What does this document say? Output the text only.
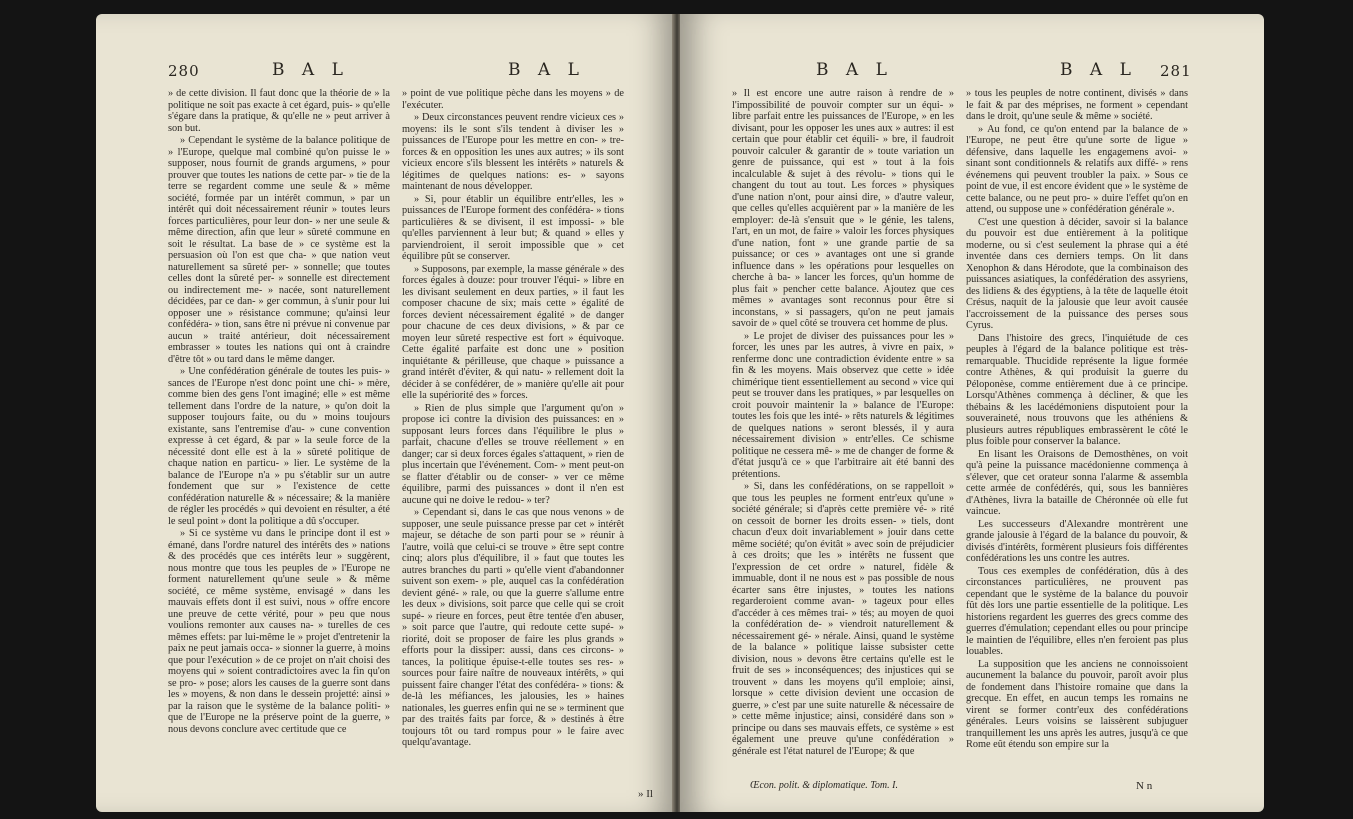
280	B A L	B A L

» de cette division. Il faut donc que la théorie de » la politique ne soit pas exacte à cet égard, puis- » qu'elle s'égare dans la pratique, & qu'elle ne » peut arriver à son but.

» Cependant le système de la balance politique de » l'Europe, quelque mal combiné qu'on puisse le » supposer, nous fournit de grands argumens, » pour prouver que toutes les nations de cette par- » tie de la terre se regardent comme une seule & » même société, formée par un intérêt commun, » par un intérêt qui doit nécessairement réunir » toutes leurs forces particulières, pour leur don- » ner une seule & même direction, afin que leur » sûreté commune en soit le résultat. La base de » ce système est la persuasion où l'on est que cha- » que nation veut naturellement sa sûreté per- » sonnelle; que toutes celles dont la sûreté per- » sonnelle est directement ou indirectement me- » nacée, sont naturellement décidées, par ce dan- » ger commun, à s'unir pour lui opposer une » résistance commune; qu'ainsi leur confédéra- » tion, sans être ni prévue ni convenue par aucun » traité antérieur, doit nécessairement embrasser » toutes les nations qui ont à craindre d'être tôt » ou tard dans le même danger.

» Une confédération générale de toutes les puis- » sances de l'Europe n'est donc point une chi- » mère, comme bien des gens l'ont imaginé; elle » est même tellement dans l'ordre de la nature, » qu'on doit la supposer toujours faite, ou du » moins toujours existante, sans l'entremise d'au- » cune convention expresse à cet égard, & par » la seule force de la nécessité dont elle est à la » sûreté politique de chaque nation en particu- » lier. Le système de la balance de l'Europe n'a » pu s'établir sur un autre fondement que sur » l'existence de cette confédération naturelle & » nécessaire; & la manière de régler les procédés » qui devoient en résulter, a été le seul point » dont la politique a dû s'occuper.

» Si ce système vu dans le principe dont il est » émané, dans l'ordre naturel des intérêts des » nations & des procédés que ces intérêts leur » suggèrent, nous montre que tous les peuples de » l'Europe ne forment naturellement qu'une seule » & même société, ce même système, envisagé » dans les mauvais effets dont il est suivi, nous » offre encore une preuve de cette vérité, pour » peu que nous voulions remonter aux causes na- » turelles de ces mêmes effets: par lui-même le » projet d'entretenir la paix ne peut jamais occa- » sionner la guerre, à moins que pour l'exécution » de ce projet on n'ait choisi des moyens qui » soient contradictoires avec la fin qu'on se pro- » pose; alors les causes de la guerre sont dans les » moyens, & non dans le dessein projetté: ainsi » par la raison que le système de la balance politi- » que de l'Europe ne la préserve point de la guerre, » nous devons conclure avec certitude que ce

» point de vue politique pèche dans les moyens » de l'exécuter.

» Deux circonstances peuvent rendre vicieux ces » moyens: ils le sont s'ils tendent à diviser les » puissances de l'Europe pour les mettre en con- » tre-forces & en opposition les unes aux autres; » ils sont vicieux encore s'ils blessent les intérêts » naturels & légitimes de quelques nations: es- » sayons maintenant de nous développer.

» Si, pour établir un équilibre entr'elles, les » puissances de l'Europe forment des confédéra- » tions particulières & se divisent, il est impossi- » ble qu'elles parviennent à leur but; & quand » elles y parviendroient, il seroit impossible que » cet équilibre pût se conserver.

» Supposons, par exemple, la masse générale » des forces égales à douze: pour trouver l'équi- » libre en les divisant seulement en deux parties, » il faut les composer chacune de six; mais cette » égalité de forces devient nécessairement égalité » de danger pour chacune de ces deux divisions, » & par ce moyen leur sûreté respective est fort » équivoque. Cette égalité parfaite est donc une » position inquiétante & périlleuse, que chaque » puissance a grand intérêt d'éviter, & qui natu- » rellement doit la décider à se confédérer, de » manière qu'elle ait pour elle la supériorité des » forces.

» Rien de plus simple que l'argument qu'on » propose ici contre la division des puissances: en » supposant leurs forces dans l'équilibre le plus » parfait, chacune d'elles se trouve réellement » en danger; car si deux forces égales s'attaquent, » rien de plus incertain que l'événement. Com- » ment peut-on se flatter d'établir ou de conser- » ver ce même équilibre, parmi des puissances » dont il n'en est aucune qui ne doive le redou- » ter?

» Cependant si, dans le cas que nous venons » de supposer, une seule puissance presse par cet » intérêt majeur, se détache de son parti pour se » réunir à l'autre, voilà que celui-ci se trouve » être sept contre cinq; alors plus d'équilibre, il » faut que toutes les autres branches du parti » qu'elle vient d'abandonner suivent son exem- » ple, auquel cas la confédération devient géné- » rale, ou que la guerre s'allume entre les deux » divisions, soit parce que celle qui se croit supé- » rieure en forces, peut être tentée d'en abuser, » soit parce que l'autre, qui redoute cette supé- » riorité, doit se proposer de faire les plus grands » efforts pour la dissiper: aussi, dans ces circons- » tances, la politique épuise-t-elle toutes ses res- » sources pour faire naître de nouveaux intérêts, » qui puissent faire changer l'état des confédéra- » tions: & de-là les méfiances, les jalousies, les » haines nationales, les guerres enfin qui ne se » terminent que par des traités faits par force, & » destinés à être toujours tôt ou tard rompus pour » le faire avec quelqu'avantage.

» Il
B A L	B A L 281

» Il est encore une autre raison à rendre de » l'impossibilité de pouvoir compter sur un équi- » libre parfait entre les puissances de l'Europe, » en les divisant, pour les opposer les unes aux » autres: il est certain que pour établir cet équili- » bre, il faudroit pouvoir calculer & garantir de » toute variation un genre de puissance, qui est » tout à la fois incalculable & sujet à des révolu- » tions qui le changent du tout au tout. Les forces » physiques d'une nation n'ont, pour ainsi dire, » d'autre valeur, que celles qu'elles acquièrent par » la manière de les employer: de-là s'ensuit que » le génie, les talens, l'art, en un mot, de faire » valoir les forces physiques d'une nation, font » une grande partie de sa puissance; or ces » avantages ont une si grande influence dans » les opérations pour lesquelles on cherche à ba- » lancer les forces, qu'un homme de plus fait » pencher cette balance. Ajoutez que ces mêmes » avantages sont reconnus pour être si inconstans, » si passagers, qu'on ne peut jamais savoir de » quel côté se trouvera cet homme de plus.

» Le projet de diviser des puissances pour les » forcer, les unes par les autres, à vivre en paix, » renferme donc une contradiction évidente entre » sa fin & les moyens. Mais observez que cette » idée chimérique tient essentiellement au second » vice qui peut se trouver dans les pratiques, » par lesquelles on croit pouvoir maintenir la » balance de l'Europe: toutes les fois que les inté- » rêts naturels & légitimes de quelques nations » seront blessés, il y aura nécessairement division » entr'elles. Ce schisme politique ne cessera mê- » me de changer de forme & d'état jusqu'à ce » que l'arbitraire ait été banni des prétentions.

» Si, dans les confédérations, on se rappelloit » que tous les peuples ne forment entr'eux qu'une » société générale; si d'après cette première vé- » rité on cessoit de borner les droits essen- » tiels, dont chacun d'eux doit invariablement » jouir dans cette même société; qu'on évitât » avec soin de préjudicier à ces droits; que les » intérêts ne fussent que l'expression de cet ordre » naturel, fidèle & immuable, dont il ne nous est » pas possible de nous écarter sans être injustes, » toutes les nations regarderoient comme avan- » tageux pour elles d'accéder à ces mêmes trai- » tés; au moyen de quoi la confédération de- » viendroit naturellement & nécessairement gé- » nérale. Ainsi, quand le système de la balance » politique laisse subsister cette division, nous » devons être certains qu'elle est le fruit de ses » inconséquences; des injustices qui se trouvent » dans les moyens qu'il emploie; ainsi, lorsque » cette division devient une occasion de guerre, » c'est par une suite naturelle & nécessaire de » cette même injustice; ainsi, considéré dans son » principe ou dans ses mauvais effets, ce système » est également une preuve qu'une confédération » générale est l'état naturel de l'Europe; & que

» tous les peuples de notre continent, divisés » dans le fait & par des méprises, ne forment » cependant dans le droit, qu'une seule & même » société.

» Au fond, ce qu'on entend par la balance de » l'Europe, ne peut être qu'une sorte de ligue » défensive, dans laquelle les engagemens avoi- » sinant sont conditionnels & relatifs aux diffé- » rens événemens qui peuvent troubler la paix. » Sous ce point de vue, il est encore évident que » le système de cette balance, ou ne peut pro- » duire l'effet qu'on en attend, ou suppose une » confédération générale ».

C'est une question à décider, savoir si la balance du pouvoir est due entièrement à la politique moderne, ou si c'est seulement la phrase qui a été inventée dans ces derniers temps. On lit dans Xenophon & dans Hérodote, que la combinaison des puissances asiatiques, la confédération des assyriens, des lidiens & des égyptiens, à la tête de laquelle étoit Crésus, naquit de la jalousie que leur avoit causée l'accroissement de la puissance des perses sous Cyrus.

Dans l'histoire des grecs, l'inquiétude de ces peuples à l'égard de la balance politique est très-remarquable. Thucidide représente la ligue formée contre Athènes, & qui produisit la guerre du Péloponèse, comme entièrement due à ce principe. Lorsqu'Athènes commença à décliner, & que les thébains & les lacédémoniens disputoient pour la souveraineté, nous trouvons que les athéniens & plusieurs autres républiques embrassèrent le côté le plus foible pour conserver la balance.

En lisant les Oraisons de Demosthènes, on voit qu'à peine la puissance macédonienne commença à s'élever, que cet orateur sonna l'alarme & assembla cette armée de confédérés, qui, sous les bannières d'Athènes, livra la bataille de Chéronnée où elle fut vaincue.

Les successeurs d'Alexandre montrèrent une grande jalousie à l'égard de la balance du pouvoir, & divisés d'intérêts, formèrent plusieurs fois différentes confédérations les uns contre les autres.

Tous ces exemples de confédération, dûs à des circonstances particulières, ne prouvent pas cependant que le système de la balance du pouvoir fût dès lors une partie essentielle de la politique. Les historiens regardent les guerres des grecs comme des guerres d'émulation; cependant elles ou pour principe le maintien de l'équilibre, elles n'en feroient pas plus louables.

La supposition que les anciens ne connoissoient aucunement la balance du pouvoir, paroît avoir plus de fondement dans l'histoire romaine que dans la grecque. En effet, en aucun temps les romains ne virent se former contr'eux des confédérations générales. Leurs voisins se laissèrent subjuguer tranquillement les uns après les autres, jusqu'à ce que Rome eût étendu son empire sur la

Œcon. polit. & diplomatique. Tom. I.	N n
